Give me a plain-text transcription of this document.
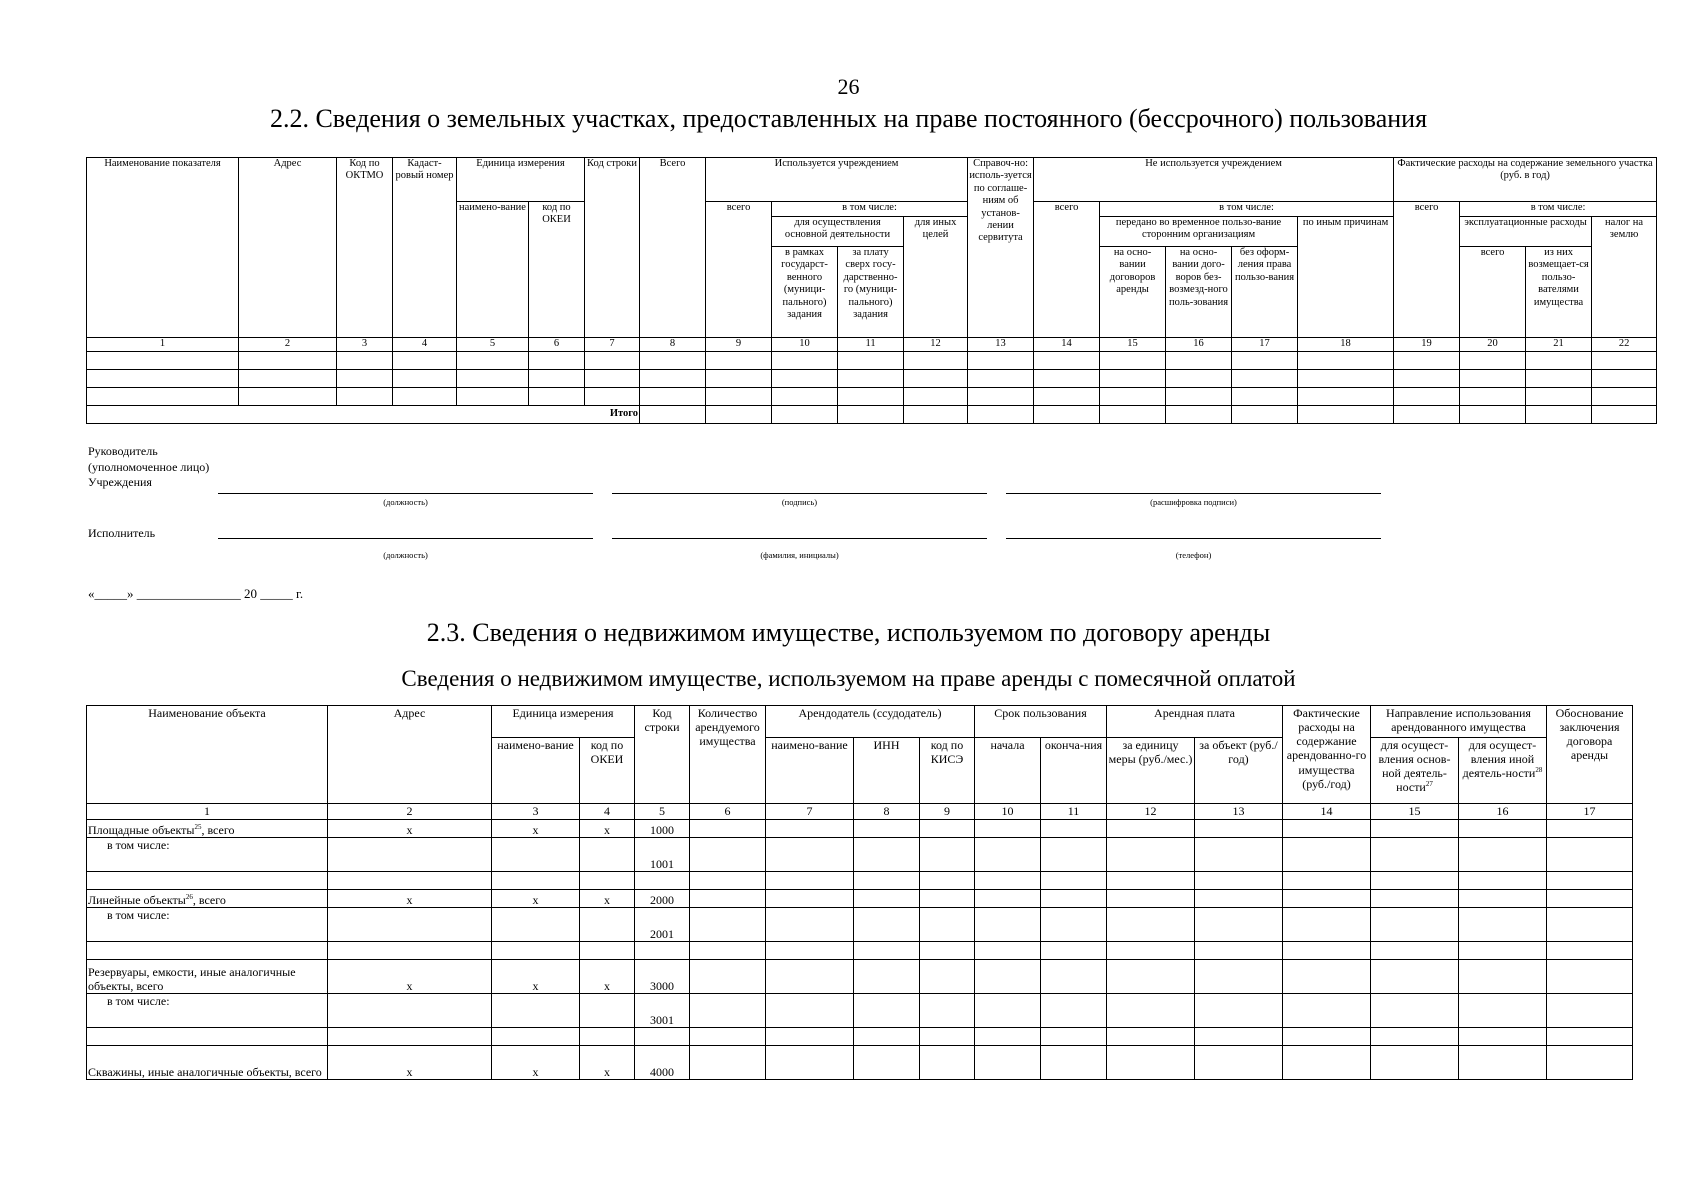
26
2.2. Сведения о земельных участках, предоставленных на праве постоянного (бессрочного) пользования
Наименование показателя	Адрес	Код по ОКТМО	Кадаст-ровый номер	Единица измерения		Код строки	Всего	Используется учреждением				Справоч-но: исполь-зуется по соглаше-ниям об установ-лении сервитута	Не используется учреждением					Фактические расходы на содержание земельного участка (руб. в год)			
				наимено-вание	код по ОКЕИ			всего	в том числе:				всего	в том числе:				всего	в том числе:		
									для осуществления основной деятельности		для иных целей			передано во временное пользо-вание сторонним организациям			по иным причинам		эксплуатационные расходы		налог на землю
									в рамках государст-венного (муници-пального) задания	за плату сверх госу-дарственно-го (муници-пального) задания				на осно-вании договоров аренды	на осно-вании дого-воров без-возмезд-ного поль-зования	без оформ-ления права пользо-вания			всего	из них возмещает-ся пользо-вателями имущества	
1	2	3	4	5	6	7	8	9	10	11	12	13	14	15	16	17	18	19	20	21	22

Итого																					
Руководитель (уполномоченное лицо) Учреждения
(должность)	(подпись)	(расшифровка подписи)
Исполнитель
(должность)	(фамилия, инициалы)	(телефон)
«_____» ________________ 20 _____ г.
2.3. Сведения о недвижимом имуществе, используемом по договору аренды
Сведения о недвижимом имуществе, используемом на праве аренды с помесячной оплатой
Наименование объекта	Адрес	Единица измерения		Код строки	Количество арендуемого имущества	Арендодатель (ссудодатель)			Срок пользования		Арендная плата		Фактические расходы на содержание арендованно-го имущества (руб./год)	Направление использования арендованного имущества		Обоснование заключения договора аренды
		наимено-вание	код по ОКЕИ			наимено-вание	ИНН	код по КИСЭ	начала	оконча-ния	за единицу меры (руб./мес.)	за объект (руб./год)		для осущест-вления основ-ной деятель-ности$^{27}$	для осущест-вления иной деятель-ности$^{28}$
1	2	3	4	5	6	7	8	9	10	11	12	13	14	15	16	17
Площадные объекты$^{25}$, всего	х	х	х	1000												
в том числе:				1001												

Линейные объекты$^{26}$, всего	х	х	х	2000												
в том числе:				2001												

Резервуары, емкости, иные аналогичные объекты, всего	х	х	х	3000												
в том числе:				3001												

Скважины, иные аналогичные объекты, всего	х	х	х	4000												
